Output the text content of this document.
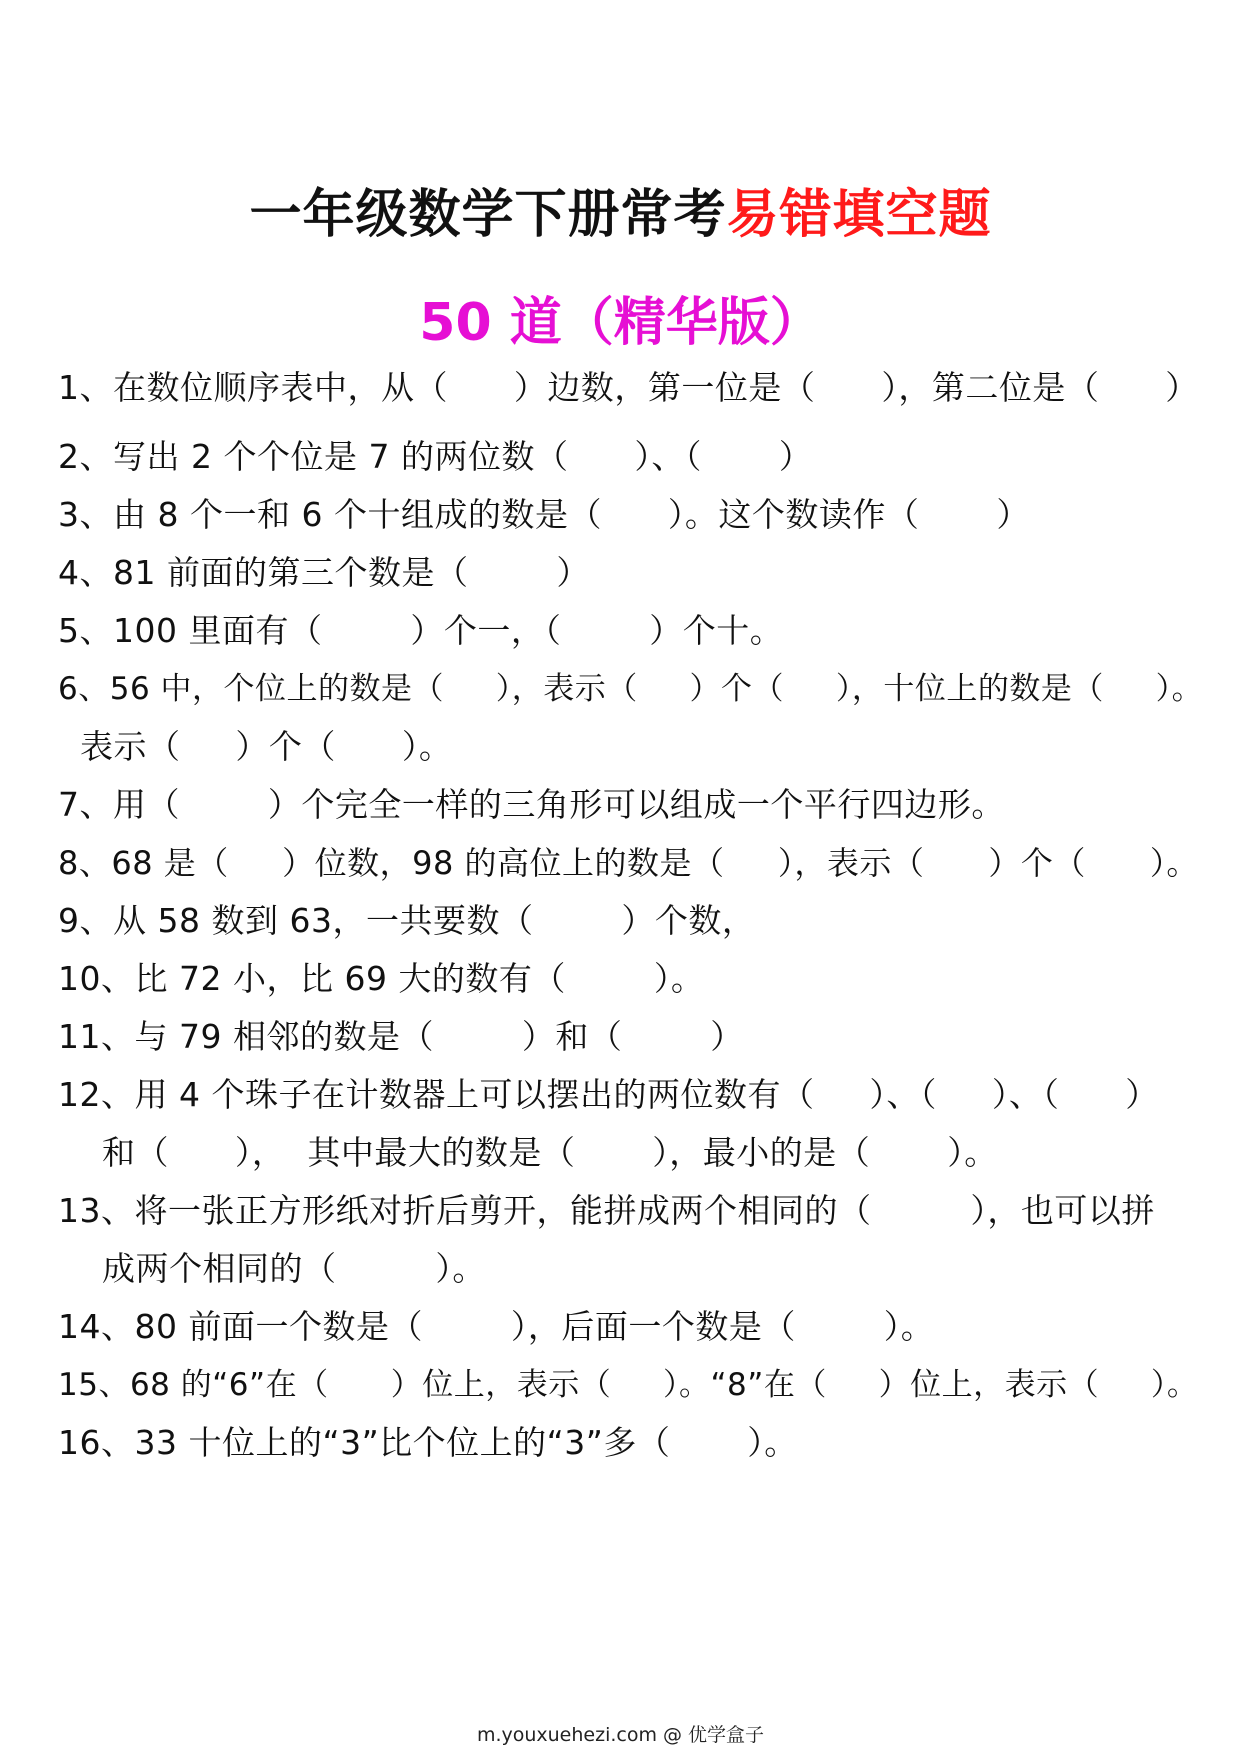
一年级数学下册常考易错填空题
50 道（精华版）
1、在数位顺序表中，从（      ）边数，第一位是（      ），第二位是（      ）
2、写出 2 个个位是 7 的两位数（      ）、（       ）
3、由 8 个一和 6 个十组成的数是（      ）。这个数读作（       ）
4、81 前面的第三个数是（        ）
5、100 里面有（        ）个一，（        ）个十。
6、56 中，个位上的数是（     ），表示（     ）个（     ），十位上的数是（     ）。
表示（     ）个（      ）。
7、用（        ）个完全一样的三角形可以组成一个平行四边形。
8、68 是（     ）位数，98 的高位上的数是（     ），表示（      ）个（      ）。
9、从 58 数到 63，一共要数（        ）个数，
10、比 72 小，比 69 大的数有（        ）。
11、与 79 相邻的数是（        ）和（        ）
12、用 4 个珠子在计数器上可以摆出的两位数有（     ）、（     ）、（      ）
和（      ），  其中最大的数是（       ），最小的是（       ）。
13、将一张正方形纸对折后剪开，能拼成两个相同的（         ），也可以拼
成两个相同的（         ）。
14、80 前面一个数是（        ），后面一个数是（        ）。
15、68 的“6”在（      ）位上，表示（     ）。“8”在（     ）位上，表示（     ）。
16、33 十位上的“3”比个位上的“3”多（       ）。
m.youxuehezi.com @ 优学盒子
